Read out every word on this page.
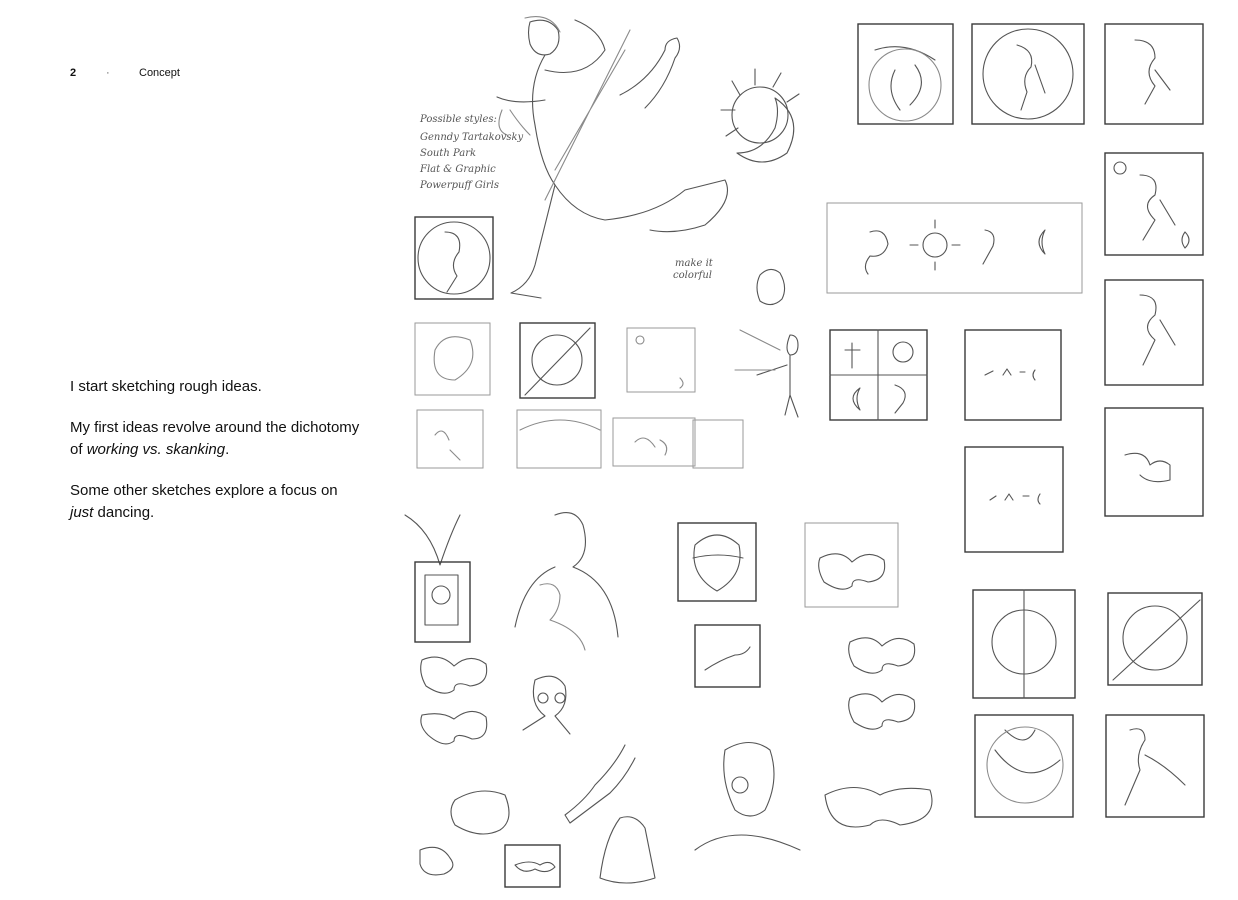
2	·	Concept

I start sketching rough ideas.

My first ideas revolve around the dichotomy of working vs. skanking.

Some other sketches explore a focus on just dancing.

Possible styles:
Genndy Tartakovsky
South Park
Flat & Graphic
Powerpuff Girls
make it
colorful
